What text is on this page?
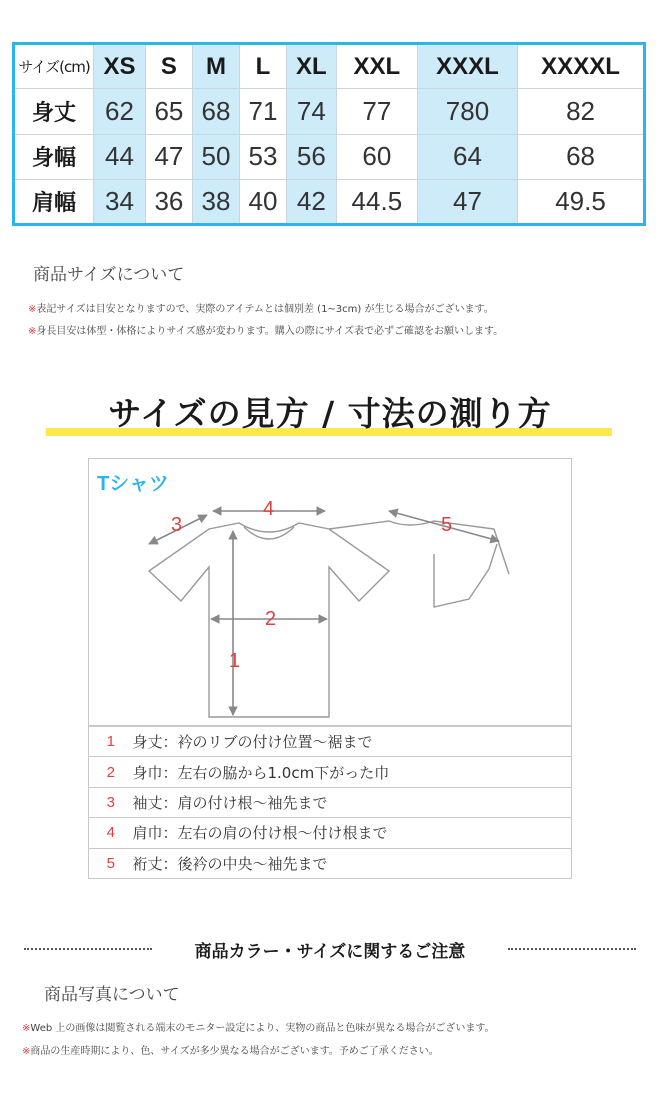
サイズ(cm)	XS	S	M	L	XL	XXL	XXXL	XXXXL
身丈	62	65	68	71	74	77	780	82
身幅	44	47	50	53	56	60	64	68
肩幅	34	36	38	40	42	44.5	47	49.5
商品サイズについて
※表記サイズは目安となりますので、実際のアイテムとは個別差 (1~3cm) が生じる場合がございます。
※身長目安は体型・体格によりサイズ感が変わります。購入の際にサイズ表で必ずご確認をお願いします。
サイズの見方 / 寸法の測り方
1
2
3
4
5
Tシャツ
1	身丈：衿のリブの付け位置～裾まで
2	身巾：左右の脇から1.0cm下がった巾
3	袖丈：肩の付け根～袖先まで
4	肩巾：左右の肩の付け根～付け根まで
5	裄丈：後衿の中央～袖先まで
商品カラー・サイズに関するご注意
商品写真について
※Web 上の画像は閲覧される端末のモニター設定により、実物の商品と色味が異なる場合がございます。
※商品の生産時期により、色、サイズが多少異なる場合がございます。予めご了承ください。
